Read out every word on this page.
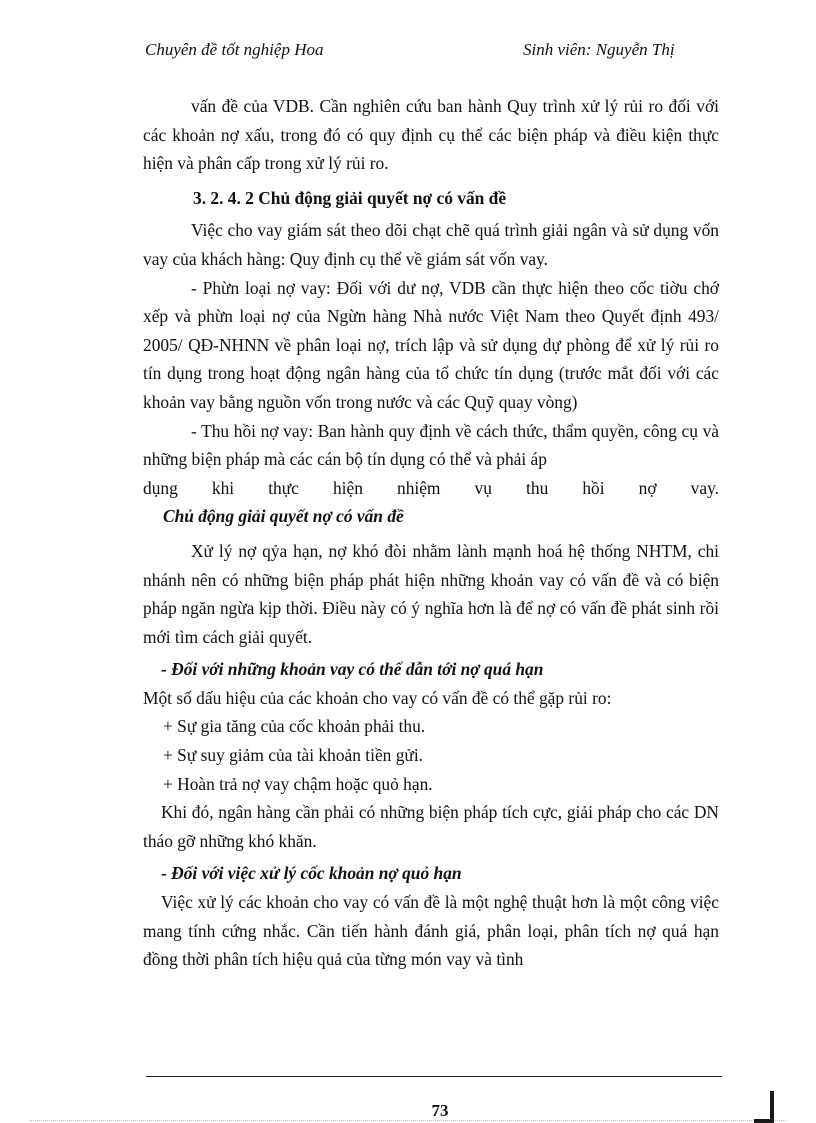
Chuyên đề tốt nghiệp Hoa	Sinh viên: Nguyễn Thị

vấn đề của VDB. Cần nghiên cứu ban hành Quy trình xử lý rủi ro đối với các khoản nợ xấu, trong đó có quy định cụ thể các biện pháp và điều kiện thực hiện và phân cấp trong xử lý rủi ro.

3. 2. 4. 2 Chủ động giải quyết nợ có vấn đề

Việc cho vay giám sát theo dõi chạt chẽ quá trình giải ngân và sử dụng vốn vay của khách hàng: Quy định cụ thể về giám sát vốn vay.

- Phừn loại nợ vay: Đối với dư nợ, VDB cần thực hiện theo cốc tiờu chớ xếp và phừn loại nợ của Ngừn hàng Nhà nước Việt Nam theo Quyết định 493/ 2005/ QĐ-NHNN về phân loại nợ, trích lập và sử dụng dự phòng để xử lý rủi ro tín dụng trong hoạt động ngân hàng của tổ chức tín dụng (trước mắt đối với các khoản vay bằng nguồn vốn trong nước và các Quỹ quay vòng)

- Thu hồi nợ vay: Ban hành quy định về cách thức, thẩm quyền, công cụ và những biện pháp mà các cán bộ tín dụng có thể và phải áp

dụng khi thực hiện nhiệm vụ thu hồi nợ vay.

Chủ động giải quyết nợ có vấn đề

Xử lý nợ qỷa hạn, nợ khó đòi nhằm lành mạnh hoá hệ thống NHTM, chi nhánh nên có những biện pháp phát hiện những khoản vay có vấn đề và có biện pháp ngăn ngừa kịp thời. Điều này có ý nghĩa hơn là để nợ có vấn đề phát sinh rồi mới tìm cách giải quyết.

- Đối với những khoản vay có thể dẫn tới nợ quá hạn

Một số dấu hiệu của các khoản cho vay có vấn đề có thể gặp rủi ro:

+ Sự gia tăng của cốc khoản phải thu.

+ Sự suy giảm của tài khoản tiền gửi.

+ Hoàn trả nợ vay chậm hoặc quỏ hạn.

Khi đó, ngân hàng cần phải có những biện pháp tích cực, giải pháp cho các DN tháo gỡ những khó khăn.

- Đối với việc xử lý cốc khoản nợ quỏ hạn

Việc xử lý các khoản cho vay có vấn đề là một nghệ thuật hơn là một công việc mang tính cứng nhắc. Cần tiến hành đánh giá, phân loại, phân tích nợ quá hạn đồng thời phân tích hiệu quả của từng món vay và tình

73
